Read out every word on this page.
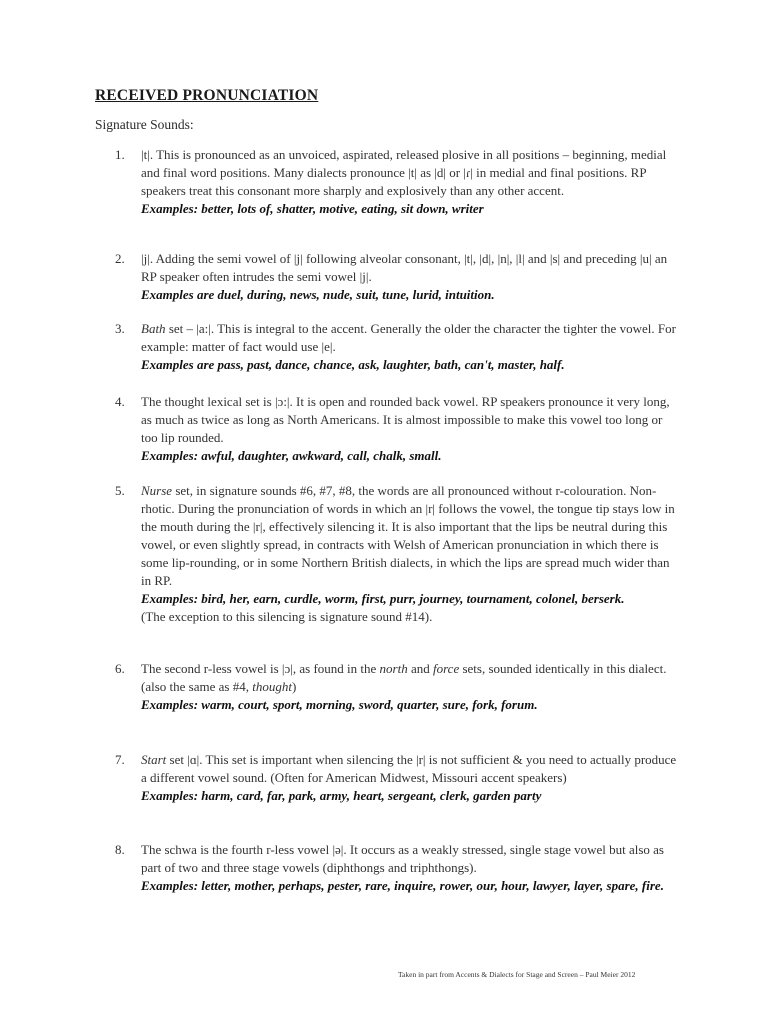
RECEIVED PRONUNCIATION
Signature Sounds:
1.	|t|. This is pronounced as an unvoiced, aspirated, released plosive in all positions – beginning, medial and final word positions. Many dialects pronounce |t| as |d| or |ɾ| in medial and final positions. RP speakers treat this consonant more sharply and explosively than any other accent.
Examples: better, lots of, shatter, motive, eating, sit down, writer
2.	|j|. Adding the semi vowel of |j| following alveolar consonant, |t|, |d|, |n|, |l| and |s| and preceding |u| an RP speaker often intrudes the semi vowel |j|.
Examples are duel, during, news, nude, suit, tune, lurid, intuition.
3.	Bath set – |a:|. This is integral to the accent. Generally the older the character the tighter the vowel. For example: matter of fact would use |e|.
Examples are pass, past, dance, chance, ask, laughter, bath, can't, master, half.
4.	The thought lexical set is |ɔ:|. It is open and rounded back vowel. RP speakers pronounce it very long, as much as twice as long as North Americans. It is almost impossible to make this vowel too long or too lip rounded.
Examples: awful, daughter, awkward, call, chalk, small.
5.	Nurse set, in signature sounds #6, #7, #8, the words are all pronounced without r-colouration. Non-rhotic. During the pronunciation of words in which an |r| follows the vowel, the tongue tip stays low in the mouth during the |r|, effectively silencing it. It is also important that the lips be neutral during this vowel, or even slightly spread, in contracts with Welsh of American pronunciation in which there is some lip-rounding, or in some Northern British dialects, in which the lips are spread much wider than in RP.
Examples: bird, her, earn, curdle, worm, first, purr, journey, tournament, colonel, berserk.
(The exception to this silencing is signature sound #14).
6.	The second r-less vowel is |ɔ|, as found in the north and force sets, sounded identically in this dialect. (also the same as #4, thought)
Examples: warm, court, sport, morning, sword, quarter, sure, fork, forum.
7.	Start set |ɑ|. This set is important when silencing the |r| is not sufficient & you need to actually produce a different vowel sound. (Often for American Midwest, Missouri accent speakers)
Examples: harm, card, far, park, army, heart, sergeant, clerk, garden party
8.	The schwa is the fourth r-less vowel |ə|. It occurs as a weakly stressed, single stage vowel but also as part of two and three stage vowels (diphthongs and triphthongs).
Examples: letter, mother, perhaps, pester, rare, inquire, rower, our, hour, lawyer, layer, spare, fire.
Taken in part from Accents & Dialects for Stage and Screen – Paul Meier 2012
